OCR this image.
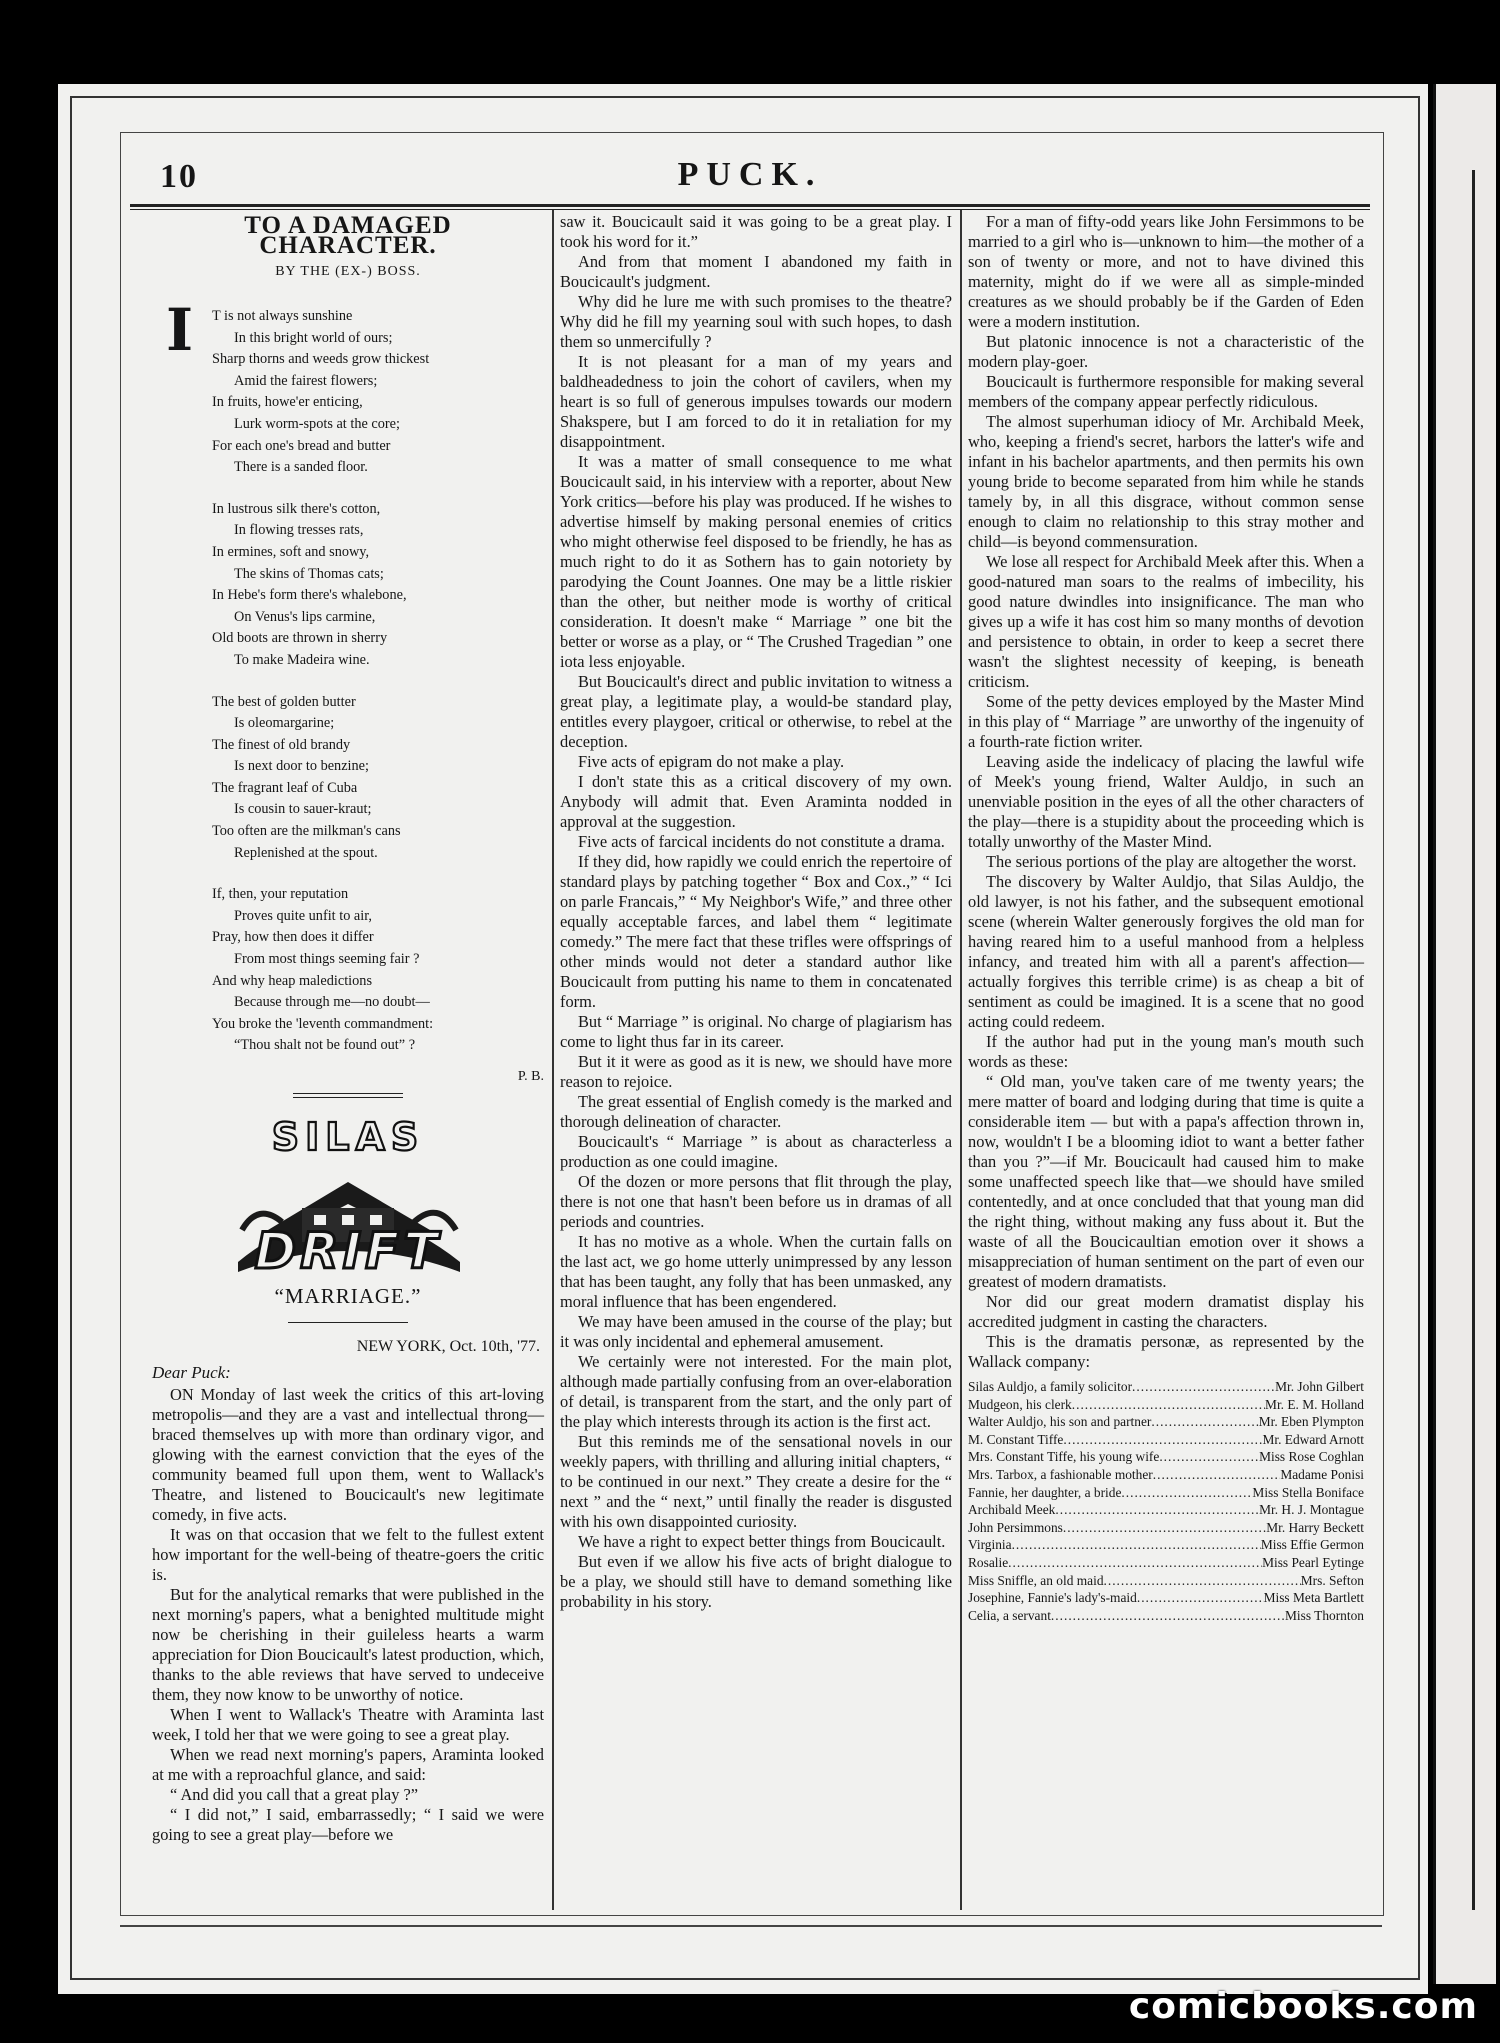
10	PUCK.
TO A DAMAGED CHARACTER.
BY THE (EX-) BOSS.
I T is not always sunshine
In this bright world of ours;
Sharp thorns and weeds grow thickest
Amid the fairest flowers;
In fruits, howe'er enticing,
Lurk worm-spots at the core;
For each one's bread and butter
There is a sanded floor.
In lustrous silk there's cotton,
In flowing tresses rats,
In ermines, soft and snowy,
The skins of Thomas cats;
In Hebe's form there's whalebone,
On Venus's lips carmine,
Old boots are thrown in sherry
To make Madeira wine.
The best of golden butter
Is oleomargarine;
The finest of old brandy
Is next door to benzine;
The fragrant leaf of Cuba
Is cousin to sauer-kraut;
Too often are the milkman's cans
Replenished at the spout.
If, then, your reputation
Proves quite unfit to air,
Pray, how then does it differ
From most things seeming fair ?
And why heap maledictions
Because through me—no doubt—
You broke the 'leventh commandment:
“Thou shalt not be found out” ?
P. B.
SILAS
DRIFT
“MARRIAGE.”
NEW YORK, Oct. 10th, '77.
Dear Puck:

ON Monday of last week the critics of this art-loving metropolis—and they are a vast and intellectual throng—braced themselves up with more than ordinary vigor, and glowing with the earnest conviction that the eyes of the community beamed full upon them, went to Wallack's Theatre, and listened to Boucicault's new legitimate comedy, in five acts.

It was on that occasion that we felt to the fullest extent how important for the well-being of theatre-goers the critic is.

But for the analytical remarks that were published in the next morning's papers, what a benighted multitude might now be cherishing in their guileless hearts a warm appreciation for Dion Boucicault's latest production, which, thanks to the able reviews that have served to undeceive them, they now know to be unworthy of notice.

When I went to Wallack's Theatre with Araminta last week, I told her that we were going to see a great play.

When we read next morning's papers, Araminta looked at me with a reproachful glance, and said:

“ And did you call that a great play ?”

“ I did not,” I said, embarrassedly; “ I said we were going to see a great play—before we

saw it. Boucicault said it was going to be a great play. I took his word for it.”

And from that moment I abandoned my faith in Boucicault's judgment.

Why did he lure me with such promises to the theatre? Why did he fill my yearning soul with such hopes, to dash them so unmercifully ?

It is not pleasant for a man of my years and baldheadedness to join the cohort of cavilers, when my heart is so full of generous impulses towards our modern Shakspere, but I am forced to do it in retaliation for my disappointment.

It was a matter of small consequence to me what Boucicault said, in his interview with a reporter, about New York critics—before his play was produced. If he wishes to advertise himself by making personal enemies of critics who might otherwise feel disposed to be friendly, he has as much right to do it as Sothern has to gain notoriety by parodying the Count Joannes. One may be a little riskier than the other, but neither mode is worthy of critical consideration. It doesn't make “ Marriage ” one bit the better or worse as a play, or “ The Crushed Tragedian ” one iota less enjoyable.

But Boucicault's direct and public invitation to witness a great play, a legitimate play, a would-be standard play, entitles every playgoer, critical or otherwise, to rebel at the deception.

Five acts of epigram do not make a play.

I don't state this as a critical discovery of my own. Anybody will admit that. Even Araminta nodded in approval at the suggestion.

Five acts of farcical incidents do not constitute a drama.

If they did, how rapidly we could enrich the repertoire of standard plays by patching together “ Box and Cox.,” “ Ici on parle Francais,” “ My Neighbor's Wife,” and three other equally acceptable farces, and label them “ legitimate comedy.” The mere fact that these trifles were offsprings of other minds would not deter a standard author like Boucicault from putting his name to them in concatenated form.

But “ Marriage ” is original. No charge of plagiarism has come to light thus far in its career.

But it it were as good as it is new, we should have more reason to rejoice.

The great essential of English comedy is the marked and thorough delineation of character.

Boucicault's “ Marriage ” is about as characterless a production as one could imagine.

Of the dozen or more persons that flit through the play, there is not one that hasn't been before us in dramas of all periods and countries.

It has no motive as a whole. When the curtain falls on the last act, we go home utterly unimpressed by any lesson that has been taught, any folly that has been unmasked, any moral influence that has been engendered.

We may have been amused in the course of the play; but it was only incidental and ephemeral amusement.

We certainly were not interested. For the main plot, although made partially confusing from an over-elaboration of detail, is transparent from the start, and the only part of the play which interests through its action is the first act.

But this reminds me of the sensational novels in our weekly papers, with thrilling and alluring initial chapters, “ to be continued in our next.” They create a desire for the “ next ” and the “ next,” until finally the reader is disgusted with his own disappointed curiosity.

We have a right to expect better things from Boucicault.

But even if we allow his five acts of bright dialogue to be a play, we should still have to demand something like probability in his story.

For a man of fifty-odd years like John Fersimmons to be married to a girl who is—unknown to him—the mother of a son of twenty or more, and not to have divined this maternity, might do if we were all as simple-minded creatures as we should probably be if the Garden of Eden were a modern institution.

But platonic innocence is not a characteristic of the modern play-goer.

Boucicault is furthermore responsible for making several members of the company appear perfectly ridiculous.

The almost superhuman idiocy of Mr. Archibald Meek, who, keeping a friend's secret, harbors the latter's wife and infant in his bachelor apartments, and then permits his own young bride to become separated from him while he stands tamely by, in all this disgrace, without common sense enough to claim no relationship to this stray mother and child—is beyond commensuration.

We lose all respect for Archibald Meek after this. When a good-natured man soars to the realms of imbecility, his good nature dwindles into insignificance. The man who gives up a wife it has cost him so many months of devotion and persistence to obtain, in order to keep a secret there wasn't the slightest necessity of keeping, is beneath criticism.

Some of the petty devices employed by the Master Mind in this play of “ Marriage ” are unworthy of the ingenuity of a fourth-rate fiction writer.

Leaving aside the indelicacy of placing the lawful wife of Meek's young friend, Walter Auldjo, in such an unenviable position in the eyes of all the other characters of the play—there is a stupidity about the proceeding which is totally unworthy of the Master Mind.

The serious portions of the play are altogether the worst.

The discovery by Walter Auldjo, that Silas Auldjo, the old lawyer, is not his father, and the subsequent emotional scene (wherein Walter generously forgives the old man for having reared him to a useful manhood from a helpless infancy, and treated him with all a parent's affection—actually forgives this terrible crime) is as cheap a bit of sentiment as could be imagined. It is a scene that no good acting could redeem.

If the author had put in the young man's mouth such words as these:

“ Old man, you've taken care of me twenty years; the mere matter of board and lodging during that time is quite a considerable item — but with a papa's affection thrown in, now, wouldn't I be a blooming idiot to want a better father than you ?”—if Mr. Boucicault had caused him to make some unaffected speech like that—we should have smiled contentedly, and at once concluded that that young man did the right thing, without making any fuss about it. But the waste of all the Boucicaultian emotion over it shows a misappreciation of human sentiment on the part of even our greatest of modern dramatists.

Nor did our great modern dramatist display his accredited judgment in casting the characters.

This is the dramatis personæ, as represented by the Wallack company:

Silas Auldjo, a family solicitor .....	Mr. John Gilbert
Mudgeon, his clerk .....	Mr. E. M. Holland
Walter Auldjo, his son and partner .....	Mr. Eben Plympton
M. Constant Tiffe .....	Mr. Edward Arnott
Mrs. Constant Tiffe, his young wife .....	Miss Rose Coghlan
Mrs. Tarbox, a fashionable mother .....	Madame Ponisi
Fannie, her daughter, a bride .....	Miss Stella Boniface
Archibald Meek .....	Mr. H. J. Montague
John Persimmons .....	Mr. Harry Beckett
Virginia .....	Miss Effie Germon
Rosalie .....	Miss Pearl Eytinge
Miss Sniffle, an old maid .....	Mrs. Sefton
Josephine, Fannie's lady's-maid .....	Miss Meta Bartlett
Celia, a servant .....	Miss Thornton
comicbooks.com
